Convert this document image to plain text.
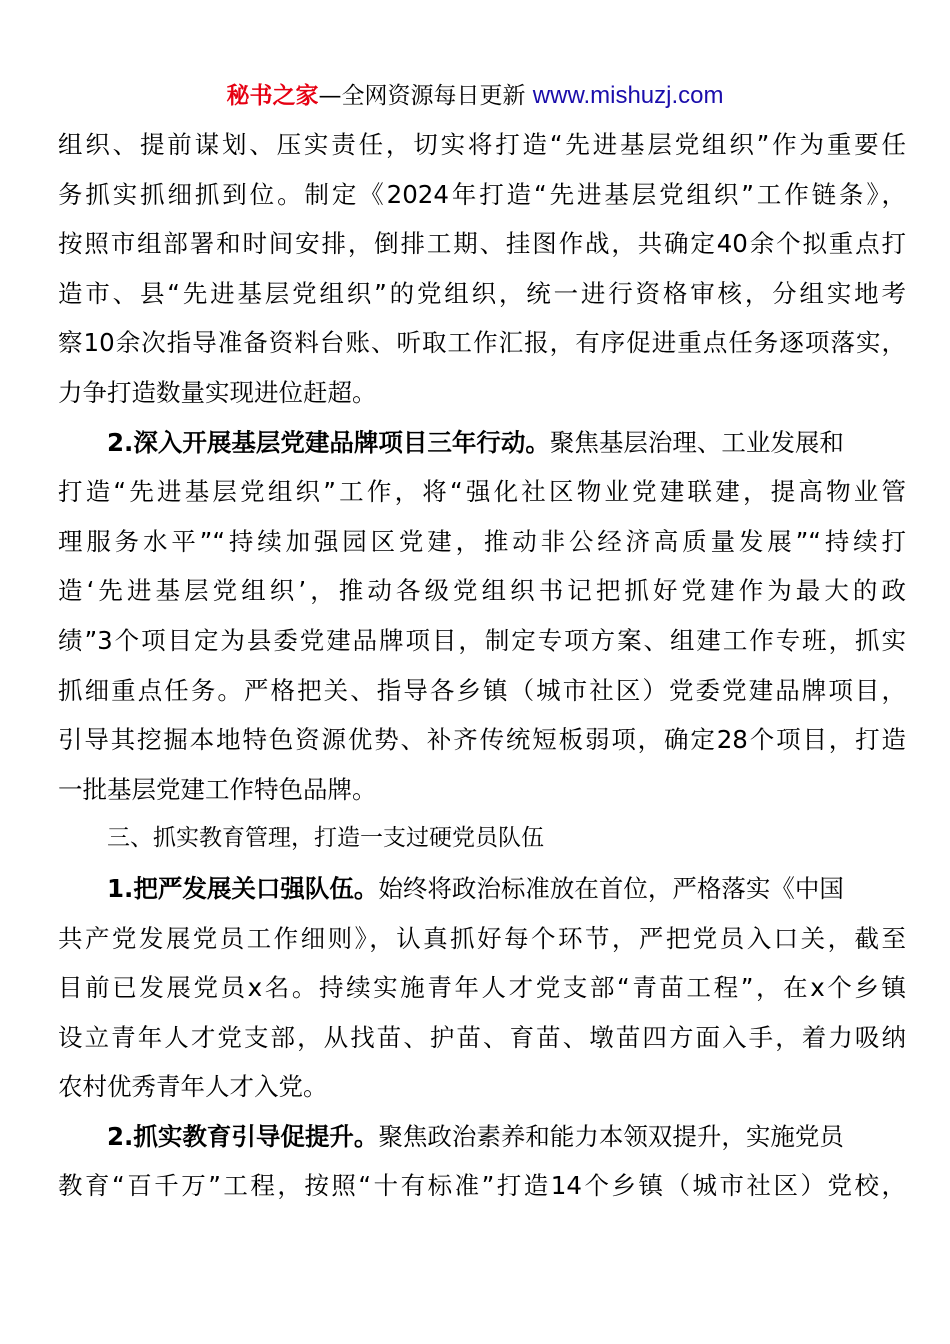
秘书之家—全网资源每日更新 www.mishuzj.com
组织、提前谋划、压实责任，切实将打造“先进基层党组织”作为重要任
务抓实抓细抓到位。制定《2024年打造“先进基层党组织”工作链条》，
按照市组部署和时间安排，倒排工期、挂图作战，共确定40余个拟重点打
造市、县“先进基层党组织”的党组织，统一进行资格审核，分组实地考
察10余次指导准备资料台账、听取工作汇报，有序促进重点任务逐项落实，
力争打造数量实现进位赶超。
2.深入开展基层党建品牌项目三年行动。聚焦基层治理、工业发展和
打造“先进基层党组织”工作，将“强化社区物业党建联建，提高物业管
理服务水平”“持续加强园区党建，推动非公经济高质量发展”“持续打
造‘先进基层党组织’，推动各级党组织书记把抓好党建作为最大的政
绩”3个项目定为县委党建品牌项目，制定专项方案、组建工作专班，抓实
抓细重点任务。严格把关、指导各乡镇（城市社区）党委党建品牌项目，
引导其挖掘本地特色资源优势、补齐传统短板弱项，确定28个项目，打造
一批基层党建工作特色品牌。
三、抓实教育管理，打造一支过硬党员队伍
1.把严发展关口强队伍。始终将政治标准放在首位，严格落实《中国
共产党发展党员工作细则》，认真抓好每个环节，严把党员入口关，截至
目前已发展党员x名。持续实施青年人才党支部“青苗工程”，在x个乡镇
设立青年人才党支部，从找苗、护苗、育苗、墩苗四方面入手，着力吸纳
农村优秀青年人才入党。
2.抓实教育引导促提升。聚焦政治素养和能力本领双提升，实施党员
教育“百千万”工程，按照“十有标准”打造14个乡镇（城市社区）党校，
